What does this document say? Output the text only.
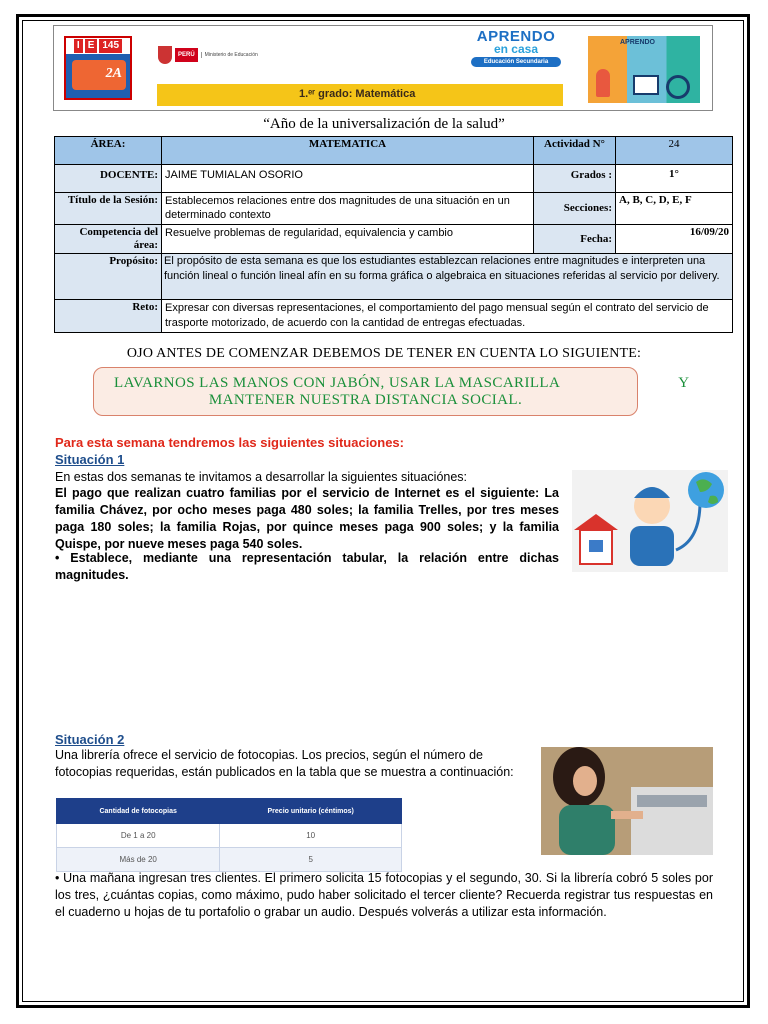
I E 145
2A
PERÚ	Ministerio de Educación
1.ᵉʳ grado: Matemática
APRENDO
en casa
Educación Secundaria
APRENDO
“Año de la universalización de la salud”
ÁREA:	MATEMATICA	Actividad N°	24
DOCENTE:	JAIME TUMIALAN OSORIO	Grados :	1°
Título de la Sesión:	Establecemos relaciones entre dos magnitudes de una situación en un determinado contexto	Secciones:	A, B, C, D, E, F
Competencia del área:	Resuelve problemas de regularidad, equivalencia y cambio	Fecha:	16/09/20
Propósito:	El propósito de esta semana es que los estudiantes establezcan relaciones entre magnitudes e interpreten una función lineal o función lineal afín en su forma gráfica o algebraica en situaciones referidas al servicio por delivery.		
Reto:	Expresar con diversas representaciones, el comportamiento del pago mensual según el contrato del servicio de trasporte motorizado, de acuerdo con la cantidad de entregas efectuadas.		
OJO ANTES DE COMENZAR DEBEMOS DE TENER EN CUENTA LO SIGUIENTE:
LAVARNOS LAS MANOS CON JABÓN, USAR LA MASCARILLA	Y
MANTENER NUESTRA DISTANCIA SOCIAL.
Para esta semana tendremos las siguientes situaciones:
Situación 1
En estas dos semanas te invitamos a desarrollar la siguientes situaciónes:
El pago que realizan cuatro familias por el servicio de Internet es el siguiente: La familia Chávez, por ocho meses paga 480 soles; la familia Trelles, por tres meses paga 180 soles; la familia Rojas, por quince meses paga 900 soles; y la familia Quispe, por nueve meses paga 540 soles.
• Establece, mediante una representación tabular, la relación entre dichas magnitudes.
Situación 2
Una librería ofrece el servicio de fotocopias. Los precios, según el número de fotocopias requeridas, están publicados en la tabla que se muestra a continuación:
Cantidad de fotocopias	Precio unitario (céntimos)
De 1 a 20	10
Más de 20	5
• Una mañana ingresan tres clientes. El primero solicita 15 fotocopias y el segundo, 30. Si la librería cobró 5 soles por los tres, ¿cuántas copias, como máximo, pudo haber solicitado el tercer cliente? Recuerda registrar tus respuestas en el cuaderno u hojas de tu portafolio o grabar un audio. Después volverás a utilizar esta información.
